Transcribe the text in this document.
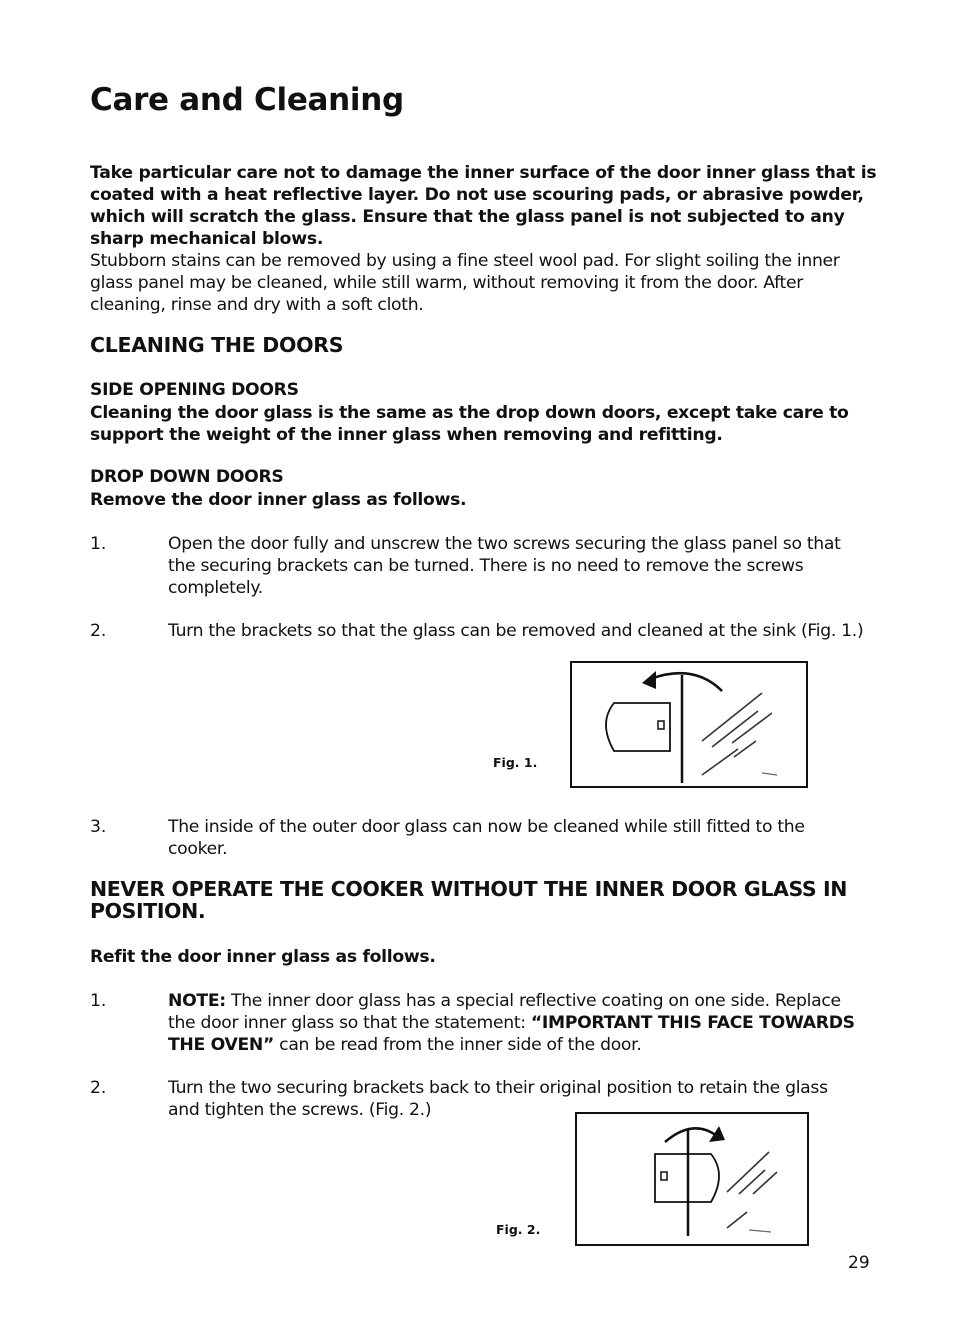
Care and Cleaning

Take particular care not to damage the inner surface of the door inner glass that is coated with a heat reflective layer. Do not use scouring pads, or abrasive powder, which will scratch the glass. Ensure that the glass panel is not subjected to any sharp mechanical blows.

Stubborn stains can be removed by using a fine steel wool pad. For slight soiling the inner glass panel may be cleaned, while still warm, without removing it from the door. After cleaning, rinse and dry with a soft cloth.

CLEANING THE DOORS

SIDE OPENING DOORS

Cleaning the door glass is the same as the drop down doors, except take care to support the weight of the inner glass when removing and refitting.

DROP DOWN DOORS

Remove the door inner glass as follows.

1.	Open the door fully and unscrew the two screws securing the glass panel so that the securing brackets can be turned. There is no need to remove the screws completely.

2.	Turn the brackets so that the glass can be removed and cleaned at the sink (Fig. 1.)

Fig. 1.
3.	The inside of the outer door glass can now be cleaned while still fitted to the cooker.

NEVER OPERATE THE COOKER WITHOUT THE INNER DOOR GLASS IN POSITION.

Refit the door inner glass as follows.

1.	NOTE: The inner door glass has a special reflective coating on one side. Replace the door inner glass so that the statement: “IMPORTANT THIS FACE TOWARDS THE OVEN” can be read from the inner side of the door.

2.	Turn the two securing brackets back to their original position to retain the glass and tighten the screws. (Fig. 2.)

Fig. 2.
29
